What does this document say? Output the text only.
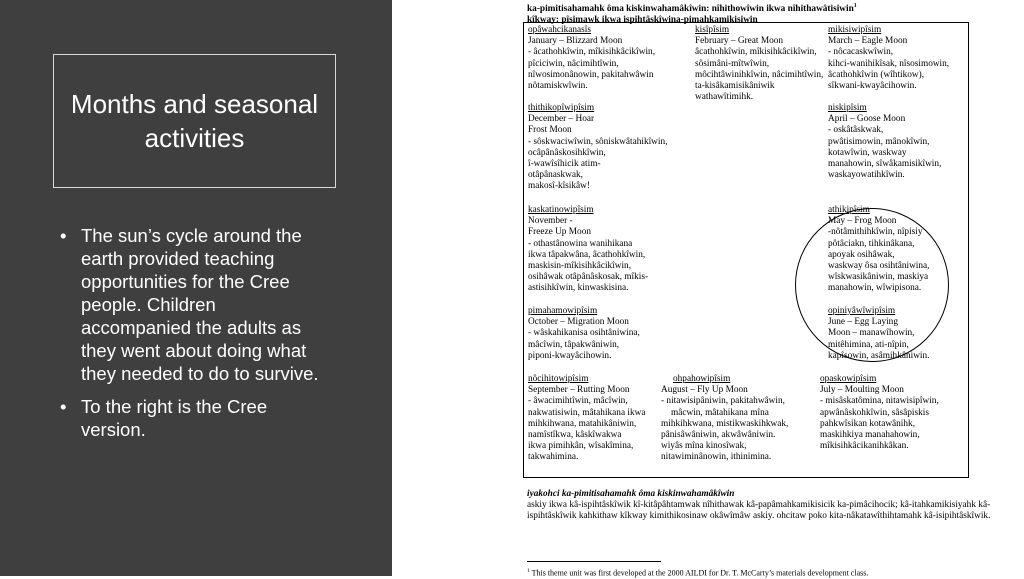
Months and seasonal activities
• The sun’s cycle around the earth provided teaching opportunities for the Cree people. Children accompanied the adults as they went about doing what they needed to do to survive.
• To the right is the Cree version.
ka-pimitisahamahk ôma kiskinwahamâkîwin: nîhithowîwin ikwa nîhithawâtisiwin$^1$
kîkway: pîsimawk ikwa ispihtâskîwina-pimahkamikisiwin
opâwahcikanasîs
January – Blizzard Moon
- âcathohkîwin, mîkisihkâcikîwin,
pîciciwin, nâcimihtîwin,
nîwosimonânowin, pakitahwâwin
nôtamiskwîwin.
kisîpîsim
February – Great Moon
âcathohkîwin, mîkisihkâcikîwin,
sôsimâni-mîtwîwin,
môcihtâwinihkîwin, nâcimihtîwin,
ta-kisâkamisikâniwik
wathawîtimihk.
mikisiwipîsim
March – Eagle Moon
- nôcacaskwîwin,
kihci-wanihikîsak, nîsosimowin,
âcathohkîwin (wîhtikow),
sîkwani-kwayâcihowin.
thithikopîwipîsim
December – Hoar
Frost Moon
- sôskwaciwîwin, sôniskwâtahikîwin,
ocâpânâskosihkîwin,
î-wawîsîhicik atim-
otâpânaskwak,
makosî-kîsikâw!
niskipîsim
April – Goose Moon
- oskâtâskwak,
pwâtisimowin, mânokîwin,
kotawîwin, waskway
manahowin, sîwâkamisikîwin,
waskayowatihkîwin.
kaskatinowipîsim
November -
Freeze Up Moon
- othastânowina wanihikana
ikwa tâpakwâna, âcathohkîwin,
maskisin-mîkisihkâcikîwin,
osihâwak otâpânâskosak, mîkis-
astisihkîwin, kinwaskisina.
athikipîsim
May – Frog Moon
-nôtâmithihkîwin, nîpisiy
pôtâciakn, tihkinâkana,
apoyak osihâwak,
waskway ôsa osihtâniwina,
wîskwasikâniwin, maskiya
manahowin, wîwipisona.
pimahamowipîsim
October – Migration Moon
- wâskahikanisa osihtâniwina,
mâcîwin, tâpakwâniwin,
piponi-kwayâcihowin.
opiniyâwîwipîsim
June – Egg Laying
Moon – manawîhowin,
mitêhimina, ati-nîpin,
kapîsowin, asâmihkâniwin.
nôcihitowipîsim
September – Rutting Moon
- âwacimihtîwin, mâcîwin,
nakwatisiwin, mâtahikana ikwa
mihkihwana, matahikâniwin,
namîstîkwa, kâskîwakwa
ikwa pimihkân, wîsakîmina,
takwahimina.
ohpahowipîsim
August – Fly Up Moon
- nitawisipâniwin, pakitahwâwin,
mâcwin, mâtahikana mîna
mihkihkwana, mistikwaskihkwak,
pânisâwâniwin, akwâwâniwin.
wiyâs mîna kinosîwak,
nitawiminânowin, ithinimina.
opaskowipîsim
July – Moulting Moon
- misâskatômina, nitawisipîwin,
apwânâskohkîwin, sâsâpiskis
pahkwîsikan kotawânihk,
maskihkiya manahahowin,
mîkisihkâcikanihkâkan.
iyakohci ka-pimitisahamahk ôma kiskinwahamâkîwin
askiy ikwa kâ-ispihtâskîwik kî-kitâpâhtamwak nîhithawak kâ-papâmahkamikisicik ka-pimâcihocik; kâ-itahkamikisiyahk kâ-ispihtâskîwik kahkithaw kîkway kimithikosinaw okâwîmâw askiy. ohcitaw poko kita-nâkatawîthihtamahk kâ-isipihtâskîwik.
$^1$ This theme unit was first developed at the 2000 AILDI for Dr. T. McCarty’s materials development class.
